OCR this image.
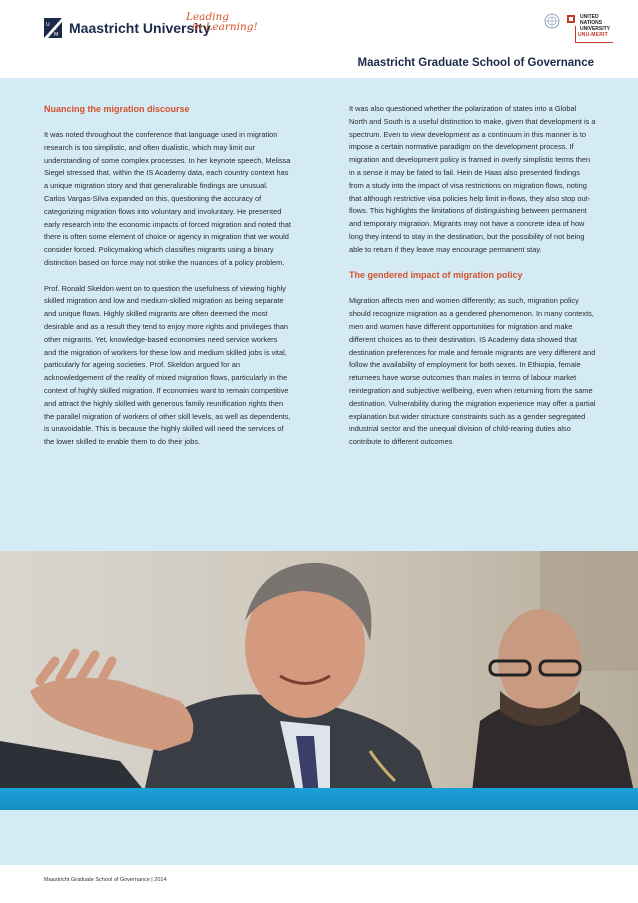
U
M Maastricht University
Leading
in Learning!
UNITED NATIONS
UNIVERSITY
UNU-MERIT
Maastricht Graduate School of Governance
Nuancing the migration discourse

It was noted throughout the conference that language used in migration research is too simplistic, and often dualistic, which may limit our understanding of some complex processes. In her keynote speech, Melissa Siegel stressed that, within the IS Academy data, each country context has a unique migration story and that generalizable findings are unusual. Carlos Vargas-Silva expanded on this, questioning the accuracy of categorizing migration flows into voluntary and involuntary. He presented early research into the economic impacts of forced migration and noted that there is often some element of choice or agency in migration that we would consider forced. Policymaking which classifies migrants using a binary distinction based on force may not strike the nuances of a policy problem.

Prof. Ronald Skeldon went on to question the usefulness of viewing highly skilled migration and low and medium-skilled migration as being separate and unique flows. Highly skilled migrants are often deemed the most desirable and as a result they tend to enjoy more rights and privileges than other migrants. Yet, knowledge-based economies need service workers and the migration of workers for these low and medium skilled jobs is vital, particularly for ageing societies. Prof. Skeldon argued for an acknowledgement of the reality of mixed migration flows, particularly in the context of highly skilled migration. If economies want to remain competitive and attract the highly skilled with generous family reunification rights then the parallel migration of workers of other skill levels, as well as dependents, is unavoidable. This is because the highly skilled will need the services of the lower skilled to enable them to do their jobs.

It was also questioned whether the polarization of states into a Global North and South is a useful distinction to make, given that development is a spectrum. Even to view development as a continuum in this manner is to impose a certain normative paradigm on the development process. If migration and development policy is framed in overly simplistic terms then in a sense it may be fated to fail. Hein de Haas also presented findings from a study into the impact of visa restrictions on migration flows, noting that although restrictive visa policies help limit in-flows, they also stop out-flows. This highlights the limitations of distinguishing between permanent and temporary migration. Migrants may not have a concrete idea of how long they intend to stay in the destination, but the possibility of not being able to return if they leave may encourage permanent stay.

The gendered impact of migration policy

Migration affects men and women differently; as such, migration policy should recognize migration as a gendered phenomenon. In many contexts, men and women have different opportunities for migration and make different choices as to their destination. IS Academy data showed that destination preferences for male and female migrants are very different and follow the availability of employment for both sexes. In Ethiopia, female returnees have worse outcomes than males in terms of labour market reintegration and subjective wellbeing, even when returning from the same destination. Vulnerability during the migration experience may offer a partial explanation but wider structure constraints such as a gender segregated industrial sector and the unequal division of child-rearing duties also contribute to different outcomes

Maastricht Graduate School of Governance | 2014
